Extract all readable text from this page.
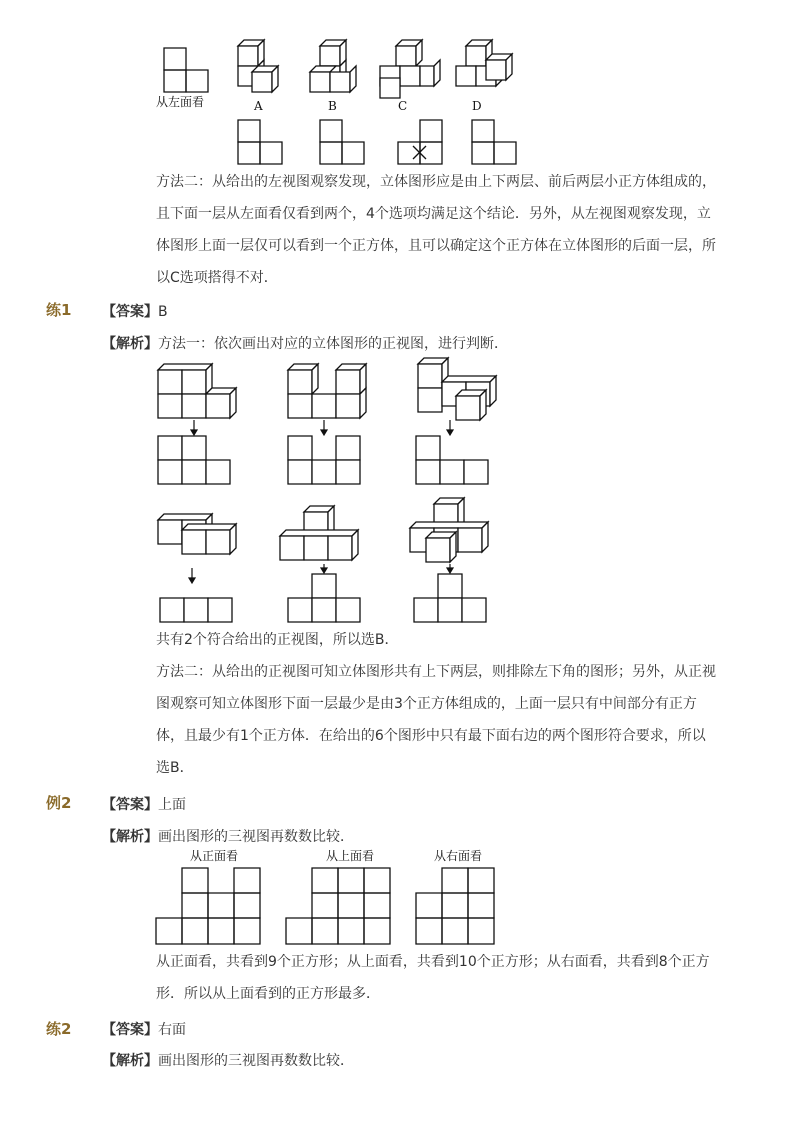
从左面看	A	B	C	D
方法二：从给出的左视图观察发现，立体图形应是由上下两层、前后两层小正方体组成的，且下面一层从左面看仅看到两个，4个选项均满足这个结论．另外，从左视图观察发现，立体图形上面一层仅可以看到一个正方体，且可以确定这个正方体在立体图形的后面一层，所以C选项搭得不对．
练1 【答案】B
【解析】方法一：依次画出对应的立体图形的正视图，进行判断．
共有2个符合给出的正视图，所以选B．
方法二：从给出的正视图可知立体图形共有上下两层，则排除左下角的图形；另外，从正视图观察可知立体图形下面一层最少是由3个正方体组成的，上面一层只有中间部分有正方体，且最少有1个正方体．在给出的6个图形中只有最下面右边的两个图形符合要求，所以选B．
例2 【答案】上面
【解析】画出图形的三视图再数数比较．
从正面看	从上面看	从右面看
从正面看，共看到9个正方形；从上面看，共看到10个正方形；从右面看，共看到8个正方形．所以从上面看到的正方形最多．
练2 【答案】右面
【解析】画出图形的三视图再数数比较．
